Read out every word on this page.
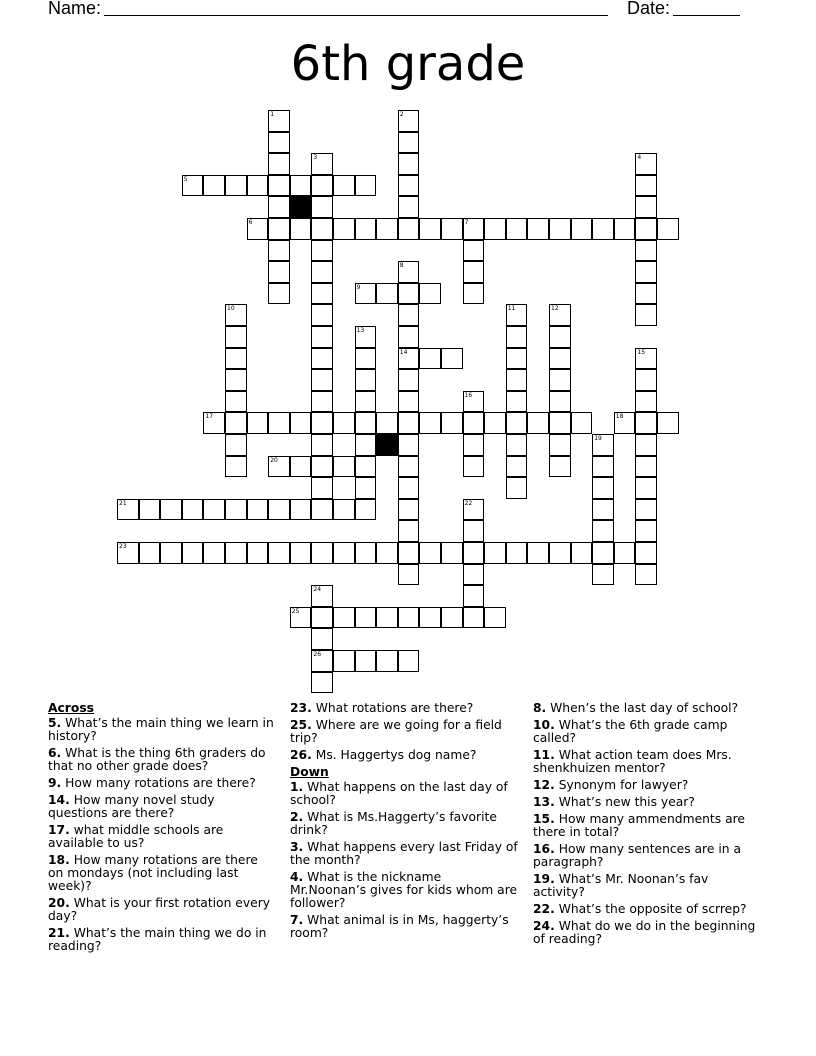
Name:	Date:
6th grade
5
6	7
9
14
17	18
20
21
23
25
26
1	2
3	4
8
10	11	12
13
15
16
19
22
24
Across
5. What’s the main thing we learn in history?
6. What is the thing 6th graders do that no other grade does?
9. How many rotations are there?
14. How many novel study questions are there?
17. what middle schools are available to us?
18. How many rotations are there on mondays (not including last week)?
20. What is your first rotation every day?
21. What’s the main thing we do in reading?
23. What rotations are there?
25. Where are we going for a field trip?
26. Ms. Haggertys dog name?
Down
1. What happens on the last day of school?
2. What is Ms.Haggerty’s favorite drink?
3. What happens every last Friday of the month?
4. What is the nickname Mr.Noonan’s gives for kids whom are follower?
7. What animal is in Ms, haggerty’s room?
8. When’s the last day of school?
10. What’s the 6th grade camp called?
11. What action team does Mrs. shenkhuizen mentor?
12. Synonym for lawyer?
13. What’s new this year?
15. How many ammendments are there in total?
16. How many sentences are in a paragraph?
19. What’s Mr. Noonan’s fav activity?
22. What’s the opposite of scrrep?
24. What do we do in the beginning of reading?
